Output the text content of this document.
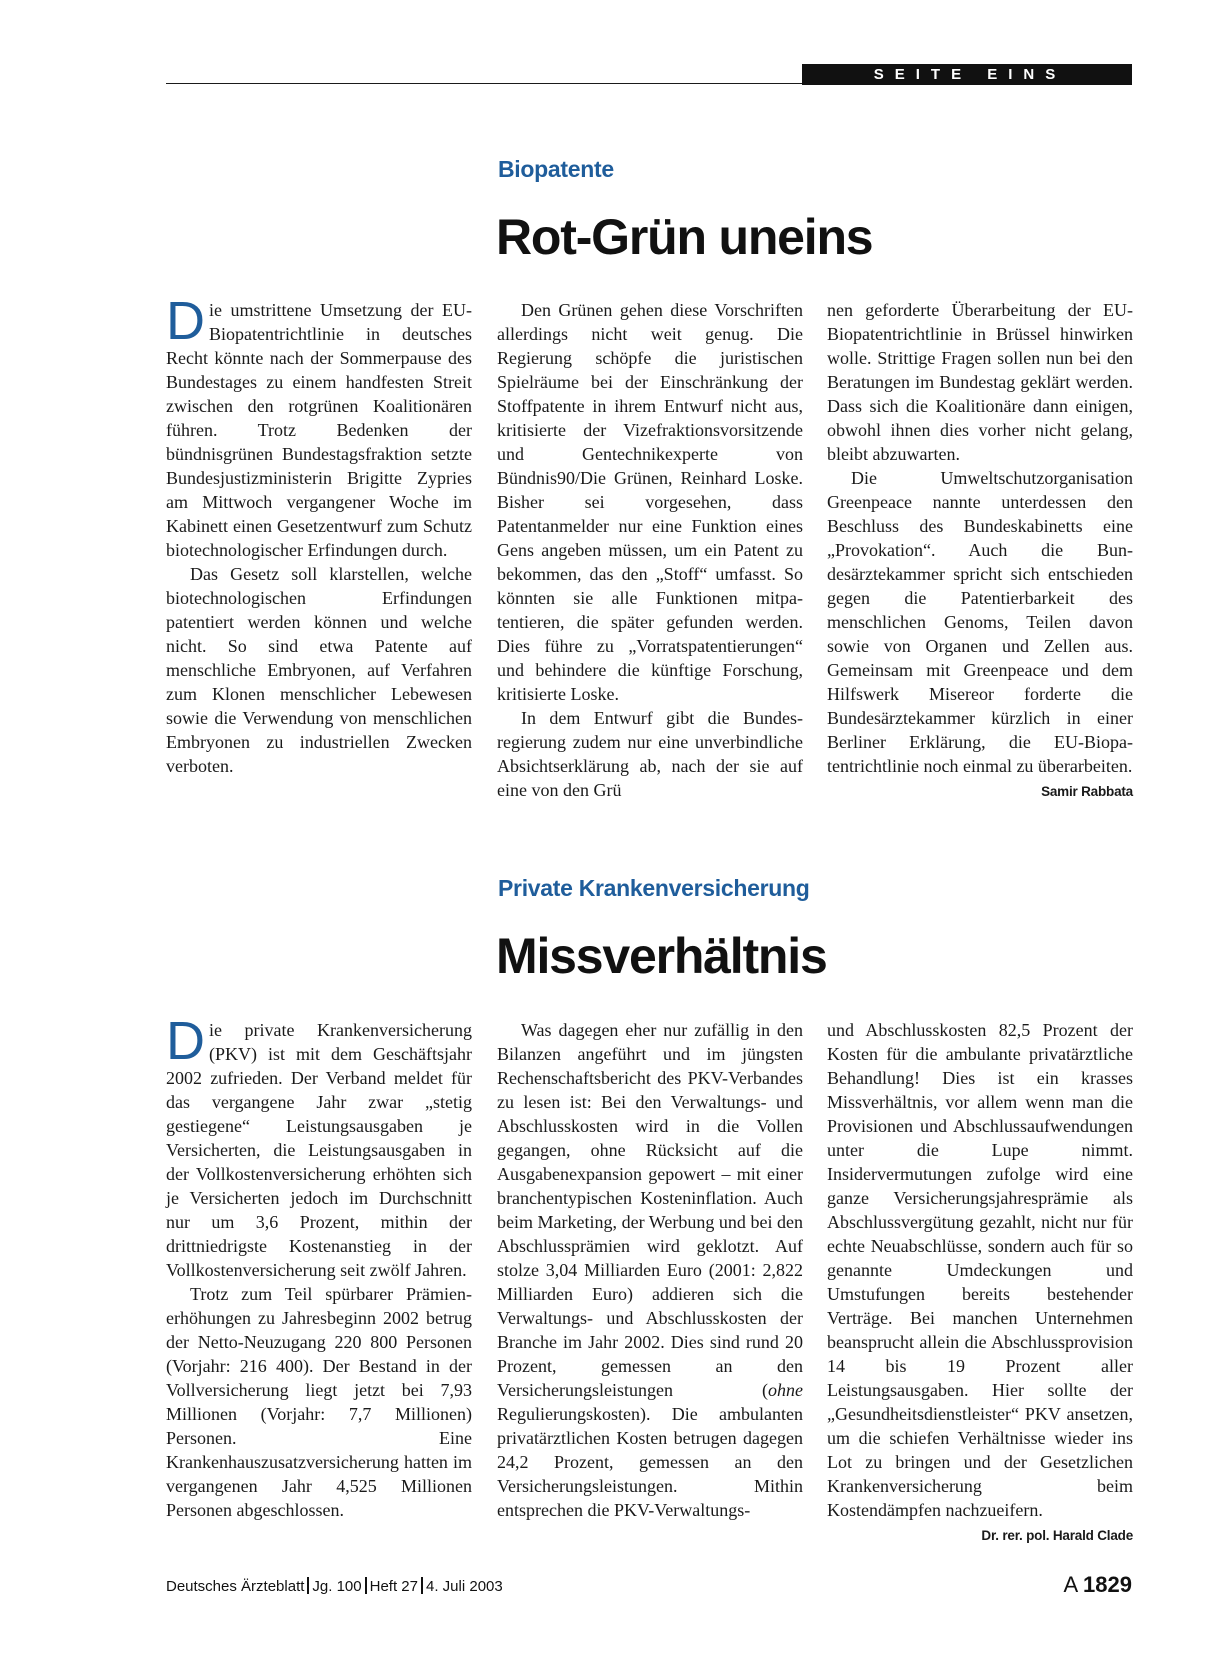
SEITE EINS
Biopatente
Rot-Grün uneins

Die umstrittene Umsetzung der EU-Biopatentrichtlinie in deutsches Recht könnte nach der Sommerpause des Bundestages zu einem handfesten Streit zwischen den rotgrünen Koalitionären führen. Trotz Bedenken der bündnisgrünen Bundestagsfraktion setzte Bundesjustizministerin Brigitte Zypries am Mittwoch vergangener Woche im Kabinett einen Gesetzentwurf zum Schutz biotechnologischer Erfindungen durch.

Das Gesetz soll klarstellen, welche biotechnologischen Erfindungen patentiert werden können und welche nicht. So sind etwa Patente auf menschliche Embryonen, auf Verfahren zum Klonen menschlicher Lebewesen sowie die Verwendung von menschlichen Embryonen zu industriellen Zwecken verboten.

Den Grünen gehen diese Vorschriften allerdings nicht weit genug. Die Regierung schöpfe die juristischen Spielräume bei der Einschränkung der Stoffpatente in ihrem Entwurf nicht aus, kritisierte der Vizefraktionsvorsitzende und Gentechnikexperte von Bündnis90/Die Grünen, Reinhard Loske. Bisher sei vorgesehen, dass Patentanmelder nur eine Funktion eines Gens angeben müssen, um ein Patent zu bekommen, das den „Stoff“ umfasst. So könnten sie alle Funktionen mitpatentieren, die später gefunden werden. Dies führe zu „Vorratspatentierungen“ und behindere die künftige Forschung, kritisierte Loske.

In dem Entwurf gibt die Bundesregierung zudem nur eine unverbindliche Absichtserklärung ab, nach der sie auf eine von den Grü

nen geforderte Überarbeitung der EU-Biopatentrichtlinie in Brüssel hinwirken wolle. Strittige Fragen sollen nun bei den Beratungen im Bundestag geklärt werden. Dass sich die Koalitionäre dann einigen, obwohl ihnen dies vorher nicht gelang, bleibt abzuwarten.

Die Umweltschutzorganisation Greenpeace nannte unterdessen den Beschluss des Bundeskabinetts eine „Provokation“. Auch die Bundesärztekammer spricht sich entschieden gegen die Patentierbarkeit des menschlichen Genoms, Teilen davon sowie von Organen und Zellen aus. Gemeinsam mit Greenpeace und dem Hilfswerk Misereor forderte die Bundesärztekammer kürzlich in einer Berliner Erklärung, die EU-Biopatentrichtlinie noch einmal zu überarbeiten.
Samir Rabbata

Private Krankenversicherung
Missverhältnis

Die private Krankenversicherung (PKV) ist mit dem Geschäftsjahr 2002 zufrieden. Der Verband meldet für das vergangene Jahr zwar „stetig gestiegene“ Leistungsausgaben je Versicherten, die Leistungsausgaben in der Vollkostenversicherung erhöhten sich je Versicherten jedoch im Durchschnitt nur um 3,6 Prozent, mithin der drittniedrigste Kostenanstieg in der Vollkostenversicherung seit zwölf Jahren.

Trotz zum Teil spürbarer Prämienerhöhungen zu Jahresbeginn 2002 betrug der Netto-Neuzugang 220 800 Personen (Vorjahr: 216 400). Der Bestand in der Vollversicherung liegt jetzt bei 7,93 Millionen (Vorjahr: 7,7 Millionen) Personen. Eine Krankenhauszusatzversicherung hatten im vergangenen Jahr 4,525 Millionen Personen abgeschlossen.

Was dagegen eher nur zufällig in den Bilanzen angeführt und im jüngsten Rechenschaftsbericht des PKV-Verbandes zu lesen ist: Bei den Verwaltungs- und Abschlusskosten wird in die Vollen gegangen, ohne Rücksicht auf die Ausgabenexpansion gepowert – mit einer branchentypischen Kosteninflation. Auch beim Marketing, der Werbung und bei den Abschlussprämien wird geklotzt. Auf stolze 3,04 Milliarden Euro (2001: 2,822 Milliarden Euro) addieren sich die Verwaltungs- und Abschlusskosten der Branche im Jahr 2002. Dies sind rund 20 Prozent, gemessen an den Versicherungsleistungen (ohne Regulierungskosten). Die ambulanten privatärztlichen Kosten betrugen dagegen 24,2 Prozent, gemessen an den Versicherungsleistungen. Mithin entsprechen die PKV-Verwaltungs-

und Abschlusskosten 82,5 Prozent der Kosten für die ambulante privatärztliche Behandlung! Dies ist ein krasses Missverhältnis, vor allem wenn man die Provisionen und Abschlussaufwendungen unter die Lupe nimmt. Insidervermutungen zufolge wird eine ganze Versicherungsjahresprämie als Abschlussvergütung gezahlt, nicht nur für echte Neuabschlüsse, sondern auch für so genannte Umdeckungen und Umstufungen bereits bestehender Verträge. Bei manchen Unternehmen beansprucht allein die Abschlussprovision 14 bis 19 Prozent aller Leistungsausgaben. Hier sollte der „Gesundheitsdienstleister“ PKV ansetzen, um die schiefen Verhältnisse wieder ins Lot zu bringen und der Gesetzlichen Krankenversicherung beim Kostendämpfen nachzueifern.
Dr. rer. pol. Harald Clade

Deutsches Ärzteblatt Jg. 100 Heft 27 4. Juli 2003	A 1829
